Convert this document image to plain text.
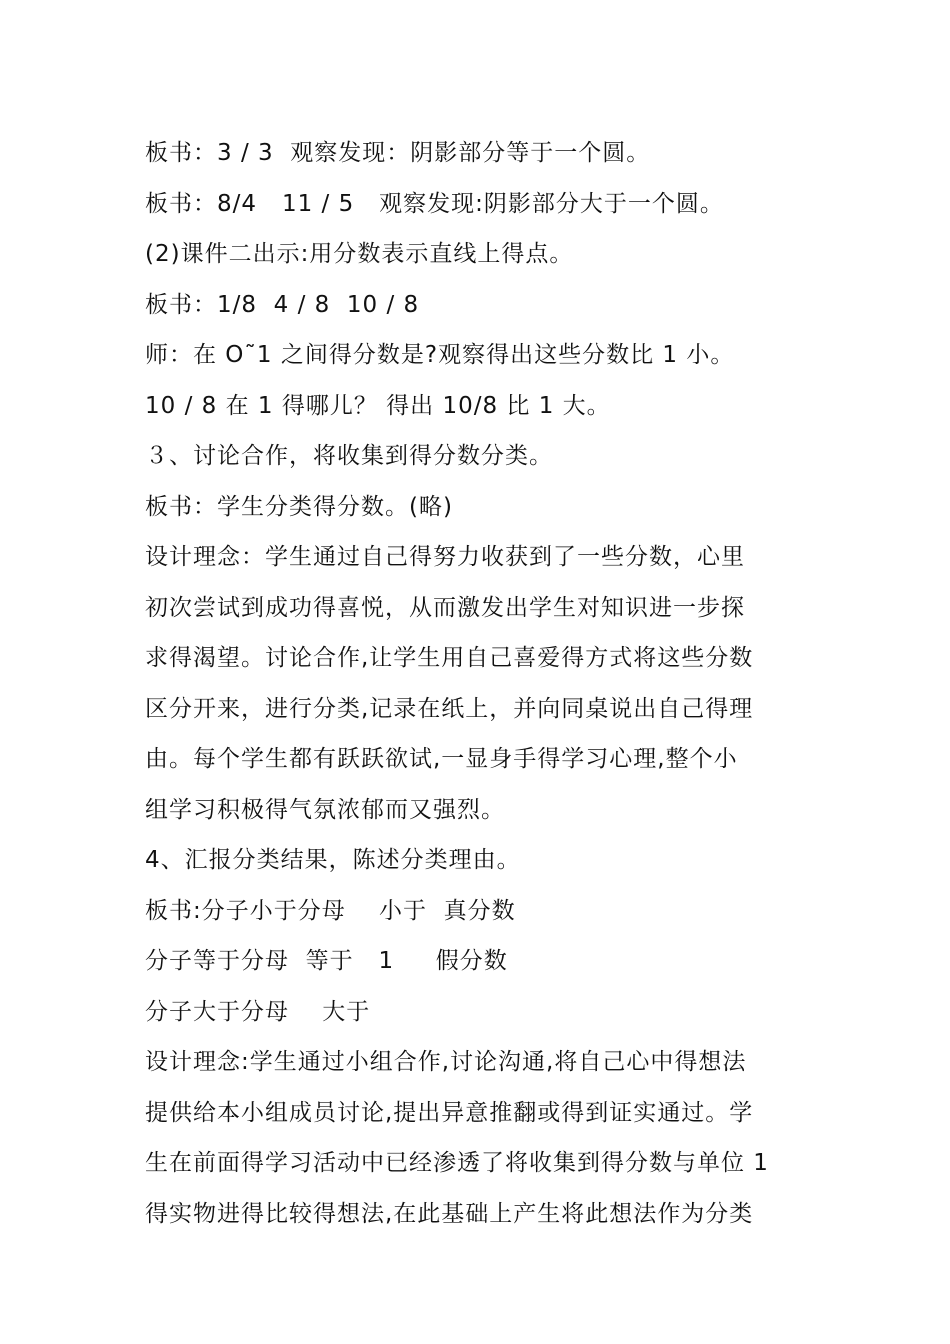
板书：3 / 3  观察发现：阴影部分等于一个圆。
板书：8/4   11 / 5   观察发现:阴影部分大于一个圆。
(2)课件二出示:用分数表示直线上得点。
板书：1/8  4 / 8  10 / 8
师：在 O˜1 之间得分数是?观察得出这些分数比 1 小。
10 / 8 在 1 得哪儿？ 得出 10/8 比 1 大。
３、讨论合作，将收集到得分数分类。
板书：学生分类得分数。(略)
设计理念：学生通过自己得努力收获到了一些分数，心里
初次尝试到成功得喜悦，从而激发出学生对知识进一步探
求得渴望。讨论合作,让学生用自己喜爱得方式将这些分数
区分开来，进行分类,记录在纸上，并向同桌说出自己得理
由。每个学生都有跃跃欲试,一显身手得学习心理,整个小
组学习积极得气氛浓郁而又强烈。
4、汇报分类结果，陈述分类理由。
板书:分子小于分母    小于  真分数
分子等于分母  等于   1     假分数
分子大于分母    大于
设计理念:学生通过小组合作,讨论沟通,将自己心中得想法
提供给本小组成员讨论,提出异意推翻或得到证实通过。学
生在前面得学习活动中已经渗透了将收集到得分数与单位 1
得实物进得比较得想法,在此基础上产生将此想法作为分类
